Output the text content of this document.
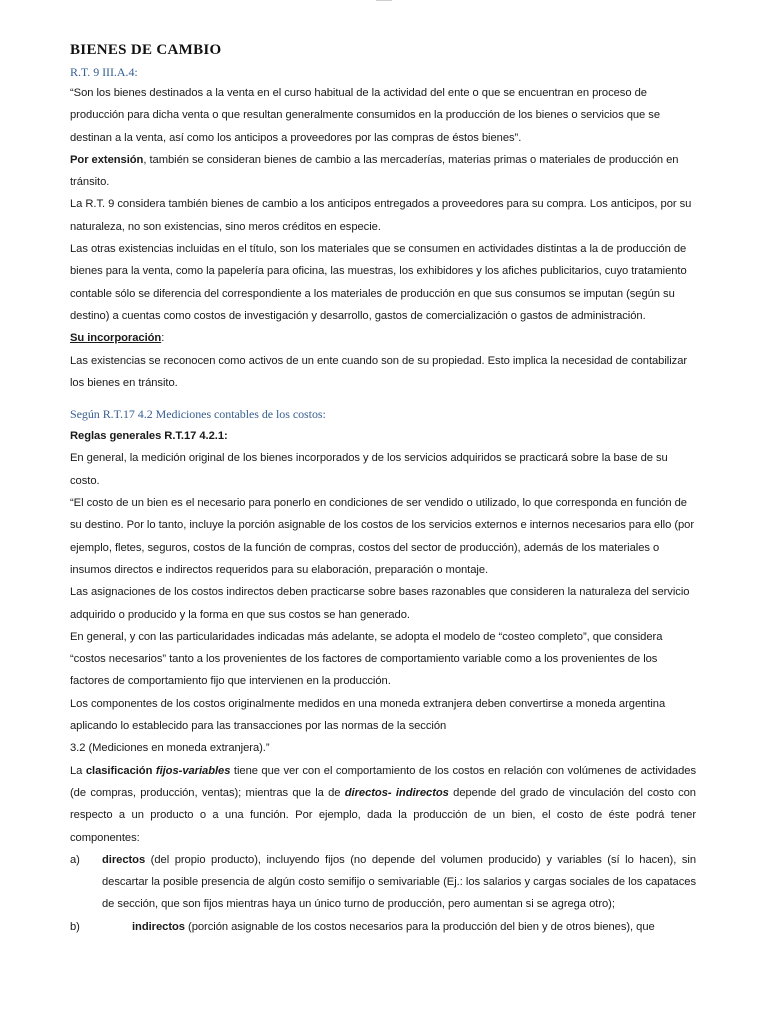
BIENES DE CAMBIO

R.T. 9 III.A.4:

“Son los bienes destinados a la venta en el curso habitual de la actividad del ente o que se encuentran en proceso de producción para dicha venta o que resultan generalmente consumidos en la producción de los bienes o servicios que se destinan a la venta, así como los anticipos a proveedores por las compras de éstos bienes”.

Por extensión, también se consideran bienes de cambio a las mercaderías, materias primas o materiales de producción en tránsito.

La R.T. 9 considera también bienes de cambio a los anticipos entregados a proveedores para su compra. Los anticipos, por su naturaleza, no son existencias, sino meros créditos en especie.

Las otras existencias incluidas en el título, son los materiales que se consumen en actividades distintas a la de producción de bienes para la venta, como la papelería para oficina, las muestras, los exhibidores y los afiches publicitarios, cuyo tratamiento contable sólo se diferencia del correspondiente a los materiales de producción en que sus consumos se imputan (según su destino) a cuentas como costos de investigación y desarrollo, gastos de comercialización o gastos de administración.

Su incorporación:

Las existencias se reconocen como activos de un ente cuando son de su propiedad. Esto implica la necesidad de contabilizar los bienes en tránsito.

Según R.T.17 4.2 Mediciones contables de los costos:

Reglas generales R.T.17 4.2.1:

En general, la medición original de los bienes incorporados y de los servicios adquiridos se practicará sobre la base de su costo.

“El costo de un bien es el necesario para ponerlo en condiciones de ser vendido o utilizado, lo que corresponda en función de su destino. Por lo tanto, incluye la porción asignable de los costos de los servicios externos e internos necesarios para ello (por ejemplo, fletes, seguros, costos de la función de compras, costos del sector de producción), además de los materiales o insumos directos e indirectos requeridos para su elaboración, preparación o montaje.

Las asignaciones de los costos indirectos deben practicarse sobre bases razonables que consideren la naturaleza del servicio adquirido o producido y la forma en que sus costos se han generado.

En general, y con las particularidades indicadas más adelante, se adopta el modelo de “costeo completo”, que considera “costos necesarios” tanto a los provenientes de los factores de comportamiento variable como a los provenientes de los factores de comportamiento fijo que intervienen en la producción.

Los componentes de los costos originalmente medidos en una moneda extranjera deben convertirse a moneda argentina aplicando lo establecido para las transacciones por las normas de la sección

3.2 (Mediciones en moneda extranjera).”

La clasificación fijos-variables tiene que ver con el comportamiento de los costos en relación con volúmenes de actividades (de compras, producción, ventas); mientras que la de directos- indirectos depende del grado de vinculación del costo con respecto a un producto o a una función. Por ejemplo, dada la producción de un bien, el costo de éste podrá tener componentes:

a)	directos (del propio producto), incluyendo fijos (no depende del volumen producido) y variables (sí lo hacen), sin descartar la posible presencia de algún costo semifijo o semivariable (Ej.: los salarios y cargas sociales de los capataces de sección, que son fijos mientras haya un único turno de producción, pero aumentan si se agrega otro);
b)	indirectos (porción asignable de los costos necesarios para la producción del bien y de otros bienes), que
